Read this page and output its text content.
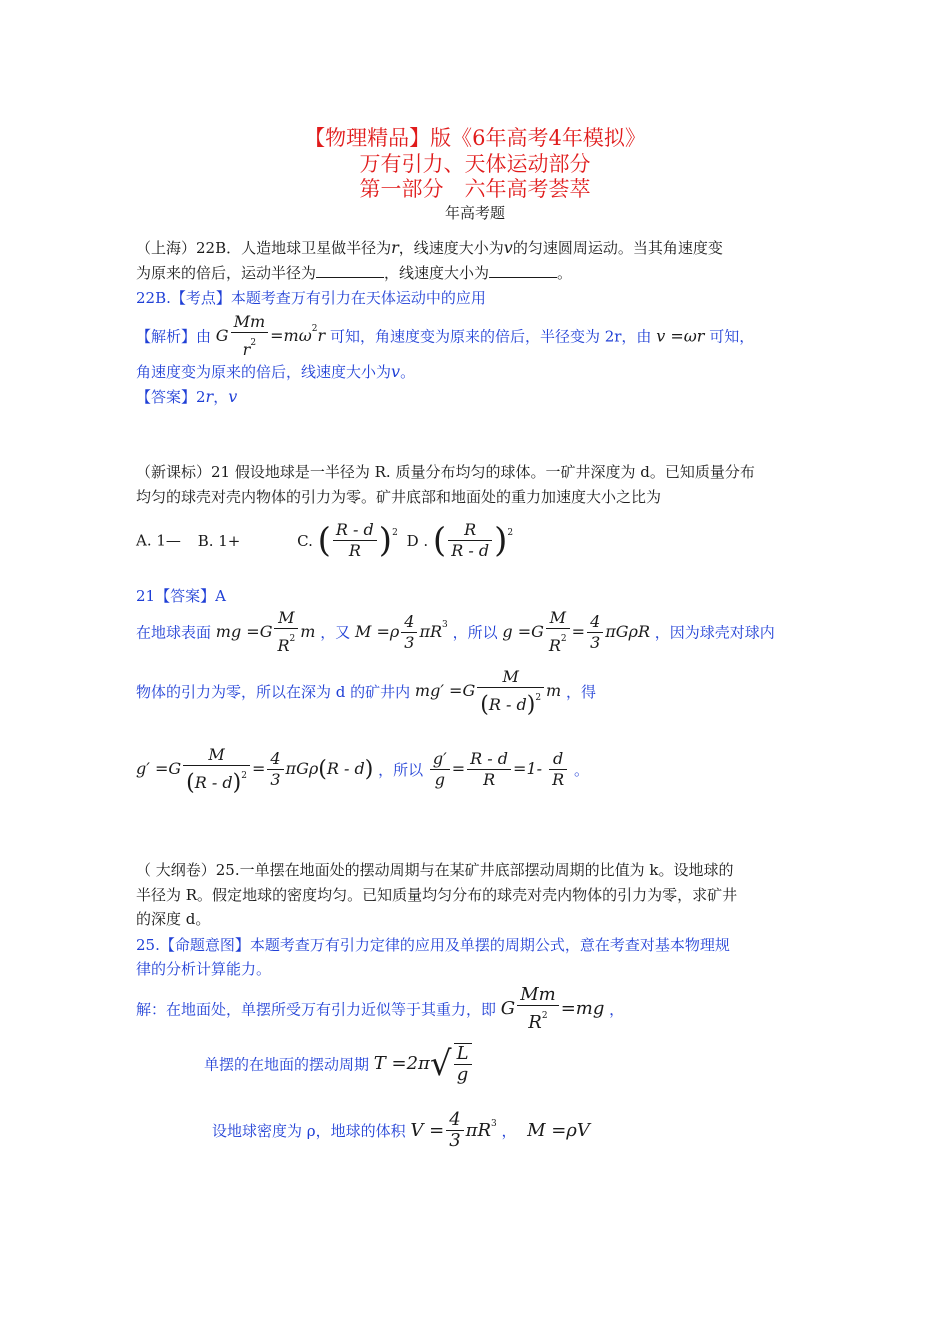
【物理精品】版《6年高考4年模拟》
万有引力、天体运动部分
第一部分　六年高考荟萃
年高考题
（上海）22B．人造地球卫星做半径为r，线速度大小为v的匀速圆周运动。当其角速度变
为原来的倍后，运动半径为	，线速度大小为	。
22B.【考点】本题考查万有引力在天体运动中的应用
【解析】由 G $\frac{Mm}{r^2} =m\omega^2r$ 可知，角速度变为原来的倍后，半径变为 2r，由 v =ωr 可知，
角速度变为原来的倍后，线速度大小为v。
【答案】2r，v
（新课标）21 假设地球是一半径为 R. 质量分布均匀的球体。一矿井深度为 d。已知质量分布
均匀的球壳对壳内物体的引力为零。矿井底部和地面处的重力加速度大小之比为
A. 1— B. 1+	C. ( $\frac{R - d}{R} )^2$ D . ( $\frac{R}{R - d} )^2$
21【答案】A
在地球表面 mg $=G \frac{M}{R^2}$ m ，又 $M =\rho \frac{4}{3} \pi R^3$ ，所以 $g =G \frac{M}{R^2} = \frac{4}{3}$ πGρR ，因为球壳对球内
物体的引力为零，所以在深为 d 的矿井内 $mg' =G \frac{M}{(R - d)^2}$ m ，得
$g' =G \frac{M}{(R - d)^2} = \frac{4}{3} \pi G\rho(R - d)$ ，所以 $\frac{g'}{g} = \frac{R - d}{R} =1- \frac{d}{R}$ 。
（ 大纲卷）25.一单摆在地面处的摆动周期与在某矿井底部摆动周期的比值为 k。设地球的
半径为 R。假定地球的密度均匀。已知质量均匀分布的球壳对壳内物体的引力为零，求矿井
的深度 d。
25.【命题意图】本题考查万有引力定律的应用及单摆的周期公式，意在考查对基本物理规
律的分析计算能力。
解：在地面处，单摆所受万有引力近似等于其重力，即 G $\frac{Mm}{R^2} =mg$ ，
单摆的在地面的摆动周期 $T =2\pi√ \frac{L}{g}$
设地球密度为 ρ，地球的体积 $V = \frac{4}{3} \pi R^3$ ，  M =ρV
